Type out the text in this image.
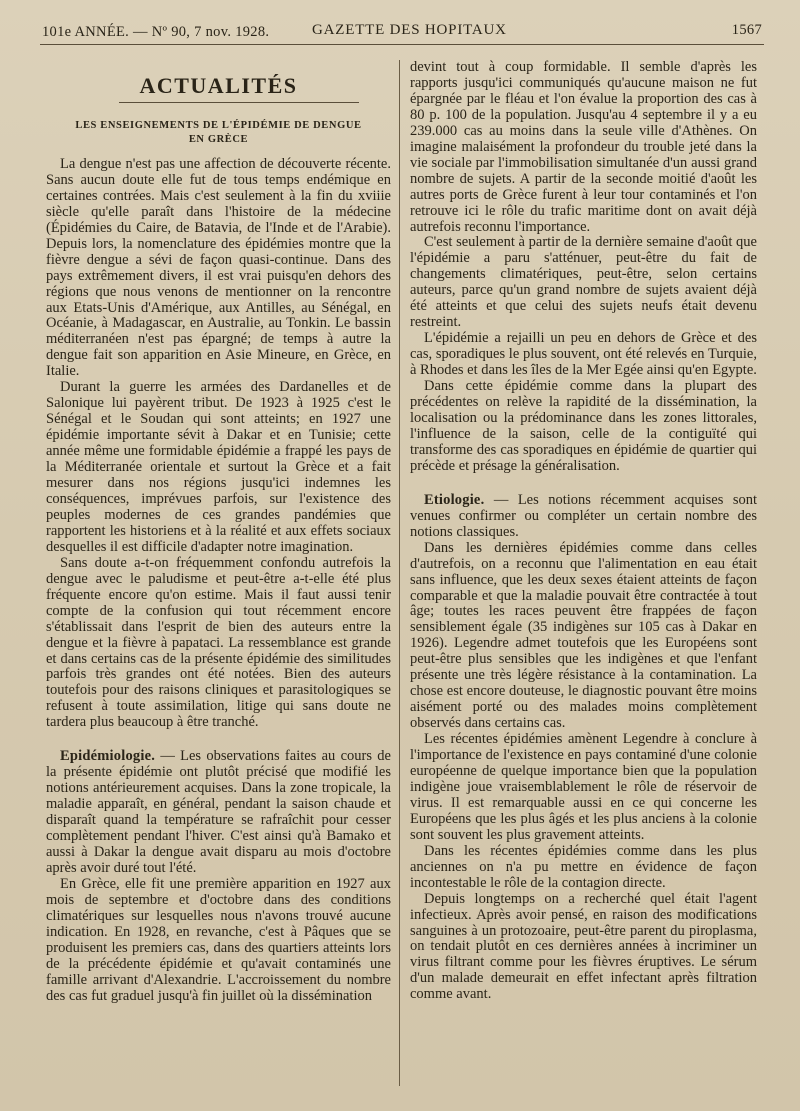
101e ANNÉE. — Nº 90, 7 nov. 1928.	GAZETTE DES HOPITAUX	1567
ACTUALITÉS
LES ENSEIGNEMENTS DE L'ÉPIDÉMIE DE DENGUE
EN GRÈCE

La dengue n'est pas une affection de découverte récente. Sans aucun doute elle fut de tous temps endémique en certaines contrées. Mais c'est seulement à la fin du xviiie siècle qu'elle paraît dans l'histoire de la médecine (Épidémies du Caire, de Batavia, de l'Inde et de l'Arabie). Depuis lors, la nomenclature des épidémies montre que la fièvre dengue a sévi de façon quasi-continue. Dans des pays extrêmement divers, il est vrai puisqu'en dehors des régions que nous venons de mentionner on la rencontre aux Etats-Unis d'Amérique, aux Antilles, au Sénégal, en Océanie, à Madagascar, en Australie, au Tonkin. Le bassin méditerranéen n'est pas épargné; de temps à autre la dengue fait son apparition en Asie Mineure, en Grèce, en Italie.

Durant la guerre les armées des Dardanelles et de Salonique lui payèrent tribut. De 1923 à 1925 c'est le Sénégal et le Soudan qui sont atteints; en 1927 une épidémie importante sévit à Dakar et en Tunisie; cette année même une formidable épidémie a frappé les pays de la Méditerranée orientale et surtout la Grèce et a fait mesurer dans nos régions jusqu'ici indemnes les conséquences, imprévues parfois, sur l'existence des peuples modernes de ces grandes pandémies que rapportent les historiens et à la réalité et aux effets sociaux desquelles il est difficile d'adapter notre imagination.

Sans doute a-t-on fréquemment confondu autrefois la dengue avec le paludisme et peut-être a-t-elle été plus fréquente encore qu'on estime. Mais il faut aussi tenir compte de la confusion qui tout récemment encore s'établissait dans l'esprit de bien des auteurs entre la dengue et la fièvre à papataci. La ressemblance est grande et dans certains cas de la présente épidémie des similitudes parfois très grandes ont été notées. Bien des auteurs toutefois pour des raisons cliniques et parasitologiques se refusent à toute assimilation, litige qui sans doute ne tardera plus beaucoup à être tranché.

Epidémiologie. — Les observations faites au cours de la présente épidémie ont plutôt précisé que modifié les notions antérieurement acquises. Dans la zone tropicale, la maladie apparaît, en général, pendant la saison chaude et disparaît quand la température se rafraîchit pour cesser complètement pendant l'hiver. C'est ainsi qu'à Bamako et aussi à Dakar la dengue avait disparu au mois d'octobre après avoir duré tout l'été.

En Grèce, elle fit une première apparition en 1927 aux mois de septembre et d'octobre dans des conditions climatériques sur lesquelles nous n'avons trouvé aucune indication. En 1928, en revanche, c'est à Pâques que se produisent les premiers cas, dans des quartiers atteints lors de la précédente épidémie et qu'avait contaminés une famille arrivant d'Alexandrie. L'accroissement du nombre des cas fut graduel jusqu'à fin juillet où la dissémination

devint tout à coup formidable. Il semble d'après les rapports jusqu'ici communiqués qu'aucune maison ne fut épargnée par le fléau et l'on évalue la proportion des cas à 80 p. 100 de la population. Jusqu'au 4 septembre il y a eu 239.000 cas au moins dans la seule ville d'Athènes. On imagine malaisément la profondeur du trouble jeté dans la vie sociale par l'immobilisation simultanée d'un aussi grand nombre de sujets. A partir de la seconde moitié d'août les autres ports de Grèce furent à leur tour contaminés et l'on retrouve ici le rôle du trafic maritime dont on avait déjà autrefois reconnu l'importance.

C'est seulement à partir de la dernière semaine d'août que l'épidémie a paru s'atténuer, peut-être du fait de changements climatériques, peut-être, selon certains auteurs, parce qu'un grand nombre de sujets avaient déjà été atteints et que celui des sujets neufs était devenu restreint.

L'épidémie a rejailli un peu en dehors de Grèce et des cas, sporadiques le plus souvent, ont été relevés en Turquie, à Rhodes et dans les îles de la Mer Egée ainsi qu'en Egypte.

Dans cette épidémie comme dans la plupart des précédentes on relève la rapidité de la dissémination, la localisation ou la prédominance dans les zones littorales, l'influence de la saison, celle de la contiguïté qui transforme des cas sporadiques en épidémie de quartier qui précède et présage la généralisation.

Etiologie. — Les notions récemment acquises sont venues confirmer ou compléter un certain nombre des notions classiques.

Dans les dernières épidémies comme dans celles d'autrefois, on a reconnu que l'alimentation en eau était sans influence, que les deux sexes étaient atteints de façon comparable et que la maladie pouvait être contractée à tout âge; toutes les races peuvent être frappées de façon sensiblement égale (35 indigènes sur 105 cas à Dakar en 1926). Legendre admet toutefois que les Européens sont peut-être plus sensibles que les indigènes et que l'enfant présente une très légère résistance à la contamination. La chose est encore douteuse, le diagnostic pouvant être moins aisément porté ou des malades moins complètement observés dans certains cas.

Les récentes épidémies amènent Legendre à conclure à l'importance de l'existence en pays contaminé d'une colonie européenne de quelque importance bien que la population indigène joue vraisemblablement le rôle de réservoir de virus. Il est remarquable aussi en ce qui concerne les Européens que les plus âgés et les plus anciens à la colonie sont souvent les plus gravement atteints.

Dans les récentes épidémies comme dans les plus anciennes on n'a pu mettre en évidence de façon incontestable le rôle de la contagion directe.

Depuis longtemps on a recherché quel était l'agent infectieux. Après avoir pensé, en raison des modifications sanguines à un protozoaire, peut-être parent du piroplasma, on tendait plutôt en ces dernières années à incriminer un virus filtrant comme pour les fièvres éruptives. Le sérum d'un malade demeurait en effet infectant après filtration comme avant.
